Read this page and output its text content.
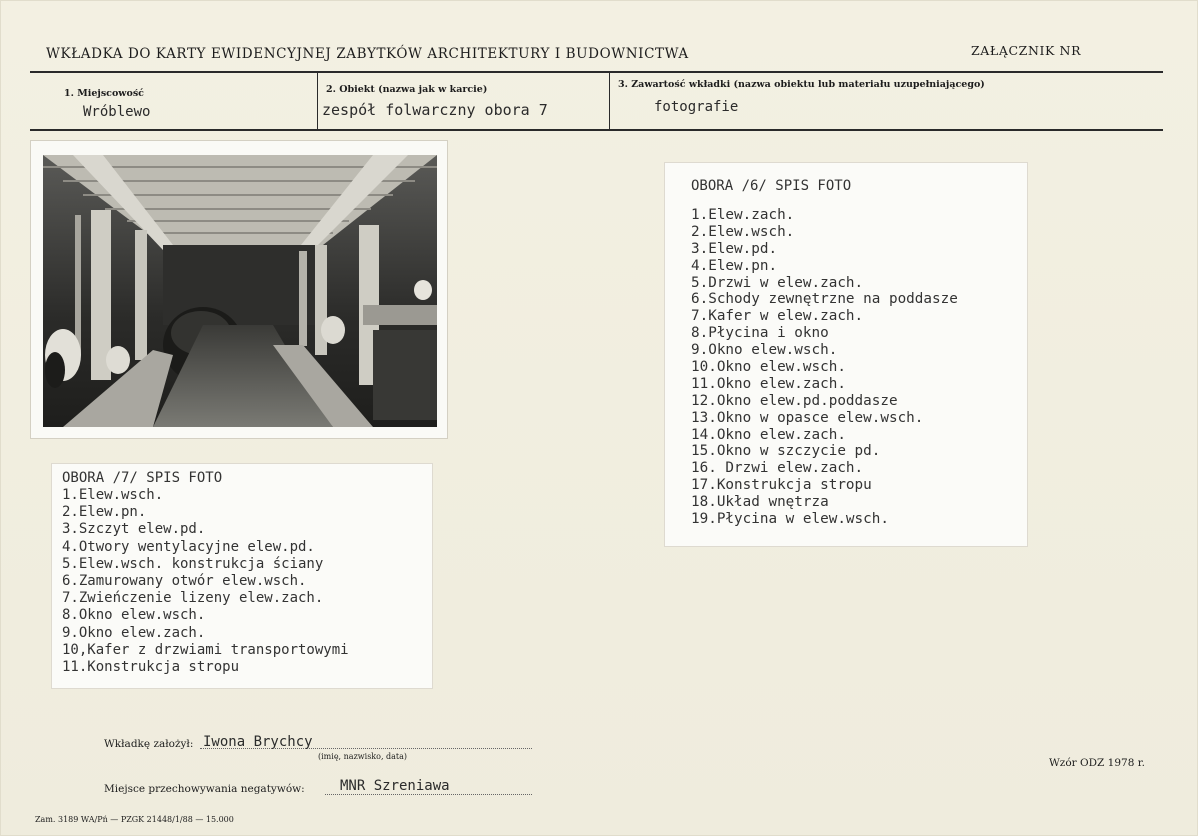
WKŁADKA DO KARTY EWIDENCYJNEJ ZABYTKÓW ARCHITEKTURY I BUDOWNICTWA	ZAŁĄCZNIK NR
1. Miejscowość
Wróblewo
2. Obiekt (nazwa jak w karcie)
zespół folwarczny obora 7
3. Zawartość wkładki (nazwa obiektu lub materiału uzupełniającego)
fotografie
OBORA /7/ SPIS FOTO
1.Elew.wsch.
2.Elew.pn.
3.Szczyt elew.pd.
4.Otwory wentylacyjne elew.pd.
5.Elew.wsch. konstrukcja ściany
6.Zamurowany otwór elew.wsch.
7.Zwieńczenie lizeny elew.zach.
8.Okno elew.wsch.
9.Okno elew.zach.
10,Kafer z drzwiami transportowymi
11.Konstrukcja stropu
OBORA /6/ SPIS FOTO
1.Elew.zach.
2.Elew.wsch.
3.Elew.pd.
4.Elew.pn.
5.Drzwi w elew.zach.
6.Schody zewnętrzne na poddasze
7.Kafer w elew.zach.
8.Płycina i okno
9.Okno elew.wsch.
10.Okno elew.wsch.
11.Okno elew.zach.
12.Okno elew.pd.poddasze
13.Okno w opasce elew.wsch.
14.Okno elew.zach.
15.Okno w szczycie pd.
16. Drzwi elew.zach.
17.Konstrukcja stropu
18.Układ wnętrza
19.Płycina w elew.wsch.
Wkładkę założył: Iwona Brychcy
(imię, nazwisko, data)
Miejsce przechowywania negatywów:	MNR Szreniawa
Wzór ODZ 1978 r.
Zam. 3189 WA/Pń — PZGK 21448/1/88 — 15.000
